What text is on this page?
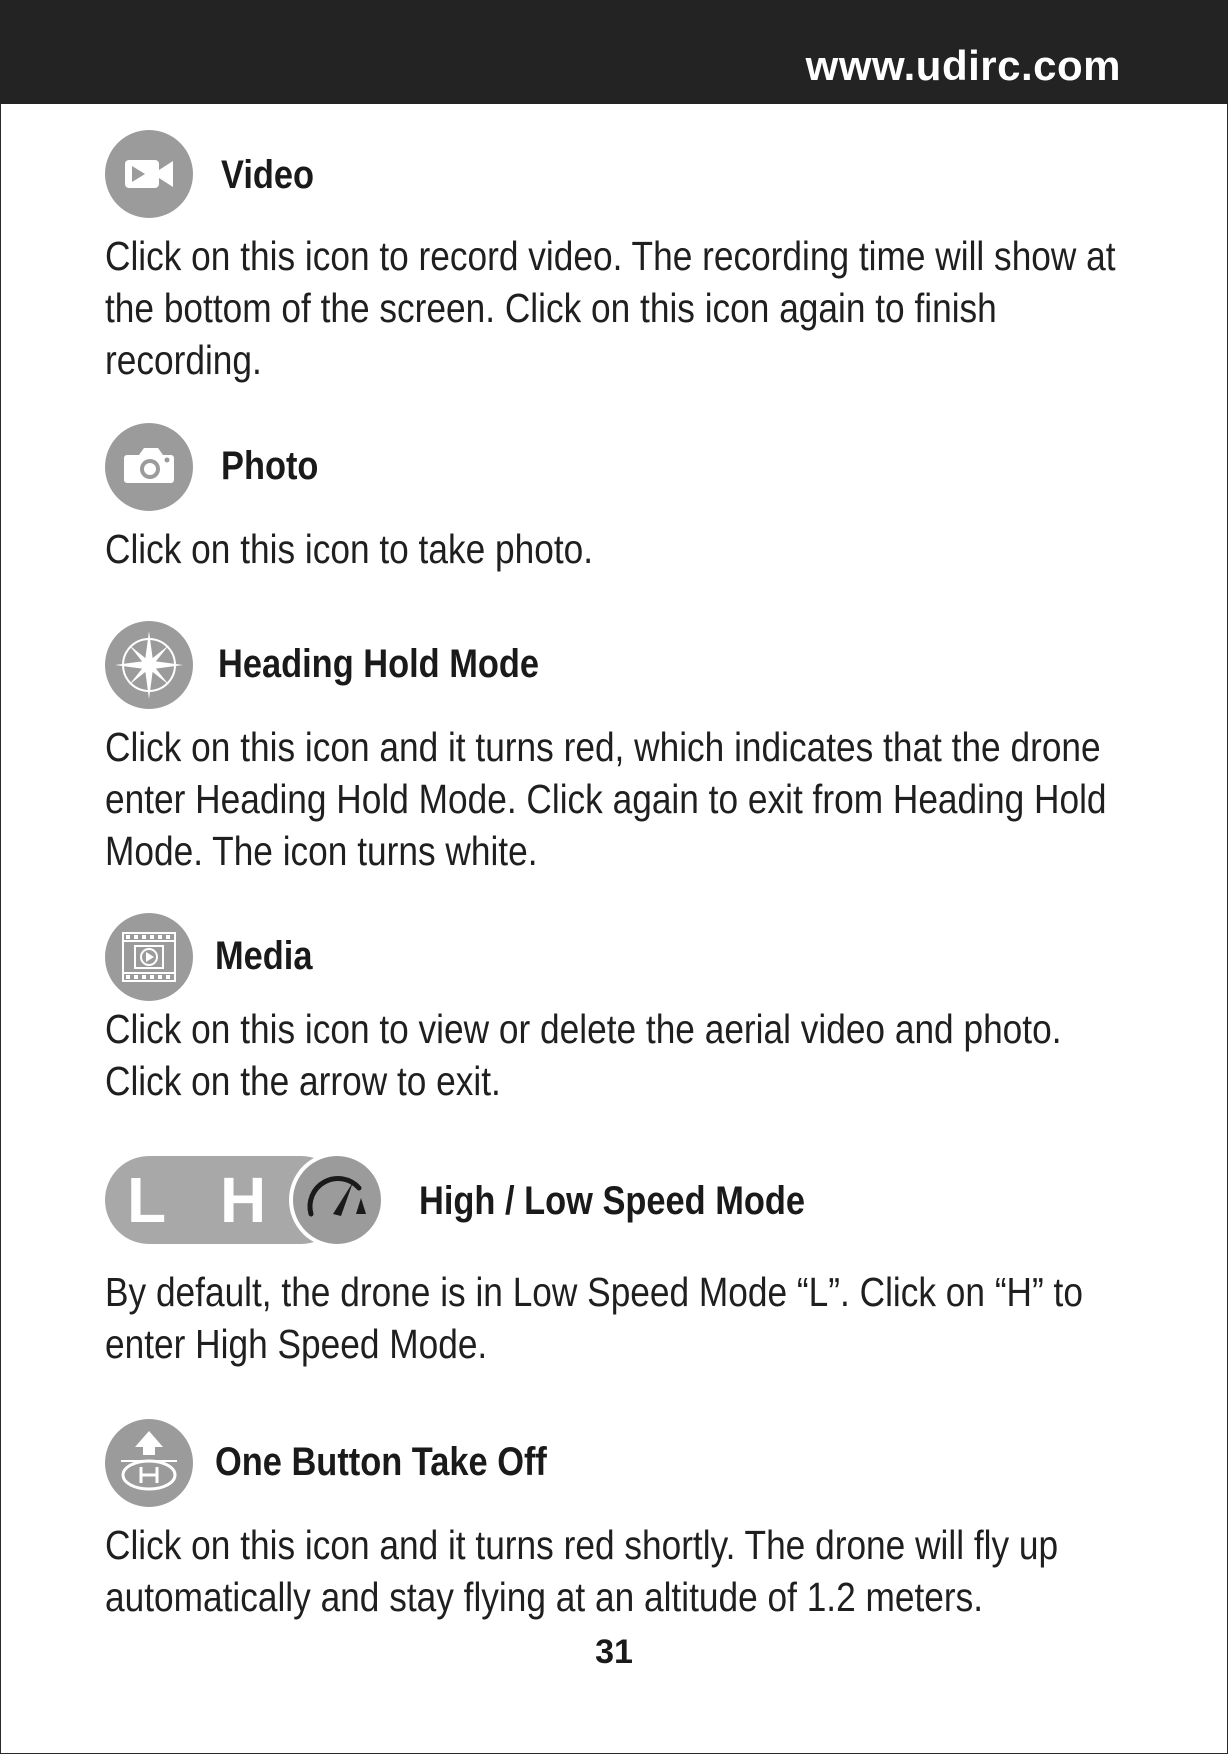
www.udirc.com
Video

Click on this icon to record video. The recording time will show at the bottom of the screen. Click on this icon again to finish recording.

Photo

Click on this icon to take photo.

Heading Hold Mode

Click on this icon and it turns red, which indicates that the drone enter Heading Hold Mode. Click again to exit from Heading Hold Mode. The icon turns white.

Media

Click on this icon to view or delete the aerial video and photo. Click on the arrow to exit.

L H	High / Low Speed Mode

By default, the drone is in Low Speed Mode “L”. Click on “H” to enter High Speed Mode.

One Button Take Off

Click on this icon and it turns red shortly. The drone will fly up automatically and stay flying at an altitude of 1.2 meters.

31
